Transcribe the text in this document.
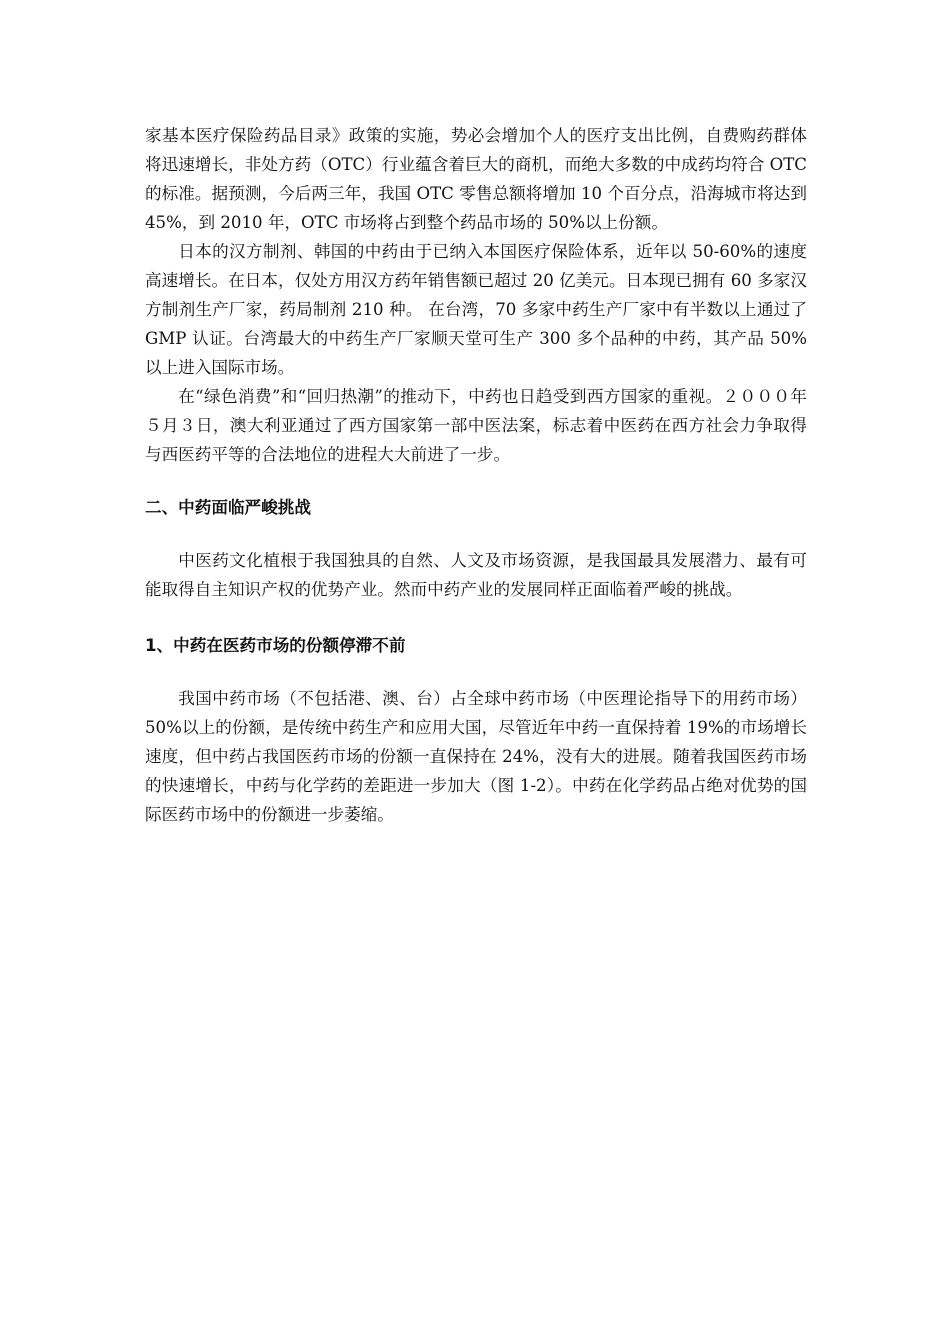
家基本医疗保险药品目录》政策的实施，势必会增加个人的医疗支出比例，自费购药群体将迅速增长，非处方药（OTC）行业蕴含着巨大的商机，而绝大多数的中成药均符合 OTC 的标准。据预测，今后两三年，我国 OTC 零售总额将增加 10 个百分点，沿海城市将达到 45%，到 2010 年，OTC 市场将占到整个药品市场的 50%以上份额。

日本的汉方制剂、韩国的中药由于已纳入本国医疗保险体系，近年以 50-60%的速度高速增长。在日本，仅处方用汉方药年销售额已超过 20 亿美元。日本现已拥有 60 多家汉方制剂生产厂家，药局制剂 210 种。 在台湾，70 多家中药生产厂家中有半数以上通过了 GMP 认证。台湾最大的中药生产厂家顺天堂可生产 300 多个品种的中药，其产品 50%以上进入国际市场。

在“绿色消费”和“回归热潮”的推动下，中药也日趋受到西方国家的重视。２０００年５月３日，澳大利亚通过了西方国家第一部中医法案，标志着中医药在西方社会力争取得与西医药平等的合法地位的进程大大前进了一步。

二、中药面临严峻挑战

中医药文化植根于我国独具的自然、人文及市场资源，是我国最具发展潜力、最有可能取得自主知识产权的优势产业。然而中药产业的发展同样正面临着严峻的挑战。

1、中药在医药市场的份额停滞不前

我国中药市场（不包括港、澳、台）占全球中药市场（中医理论指导下的用药市场）50%以上的份额，是传统中药生产和应用大国，尽管近年中药一直保持着 19%的市场增长速度，但中药占我国医药市场的份额一直保持在 24%，没有大的进展。随着我国医药市场的快速增长，中药与化学药的差距进一步加大（图 1-2）。中药在化学药品占绝对优势的国际医药市场中的份额进一步萎缩。
